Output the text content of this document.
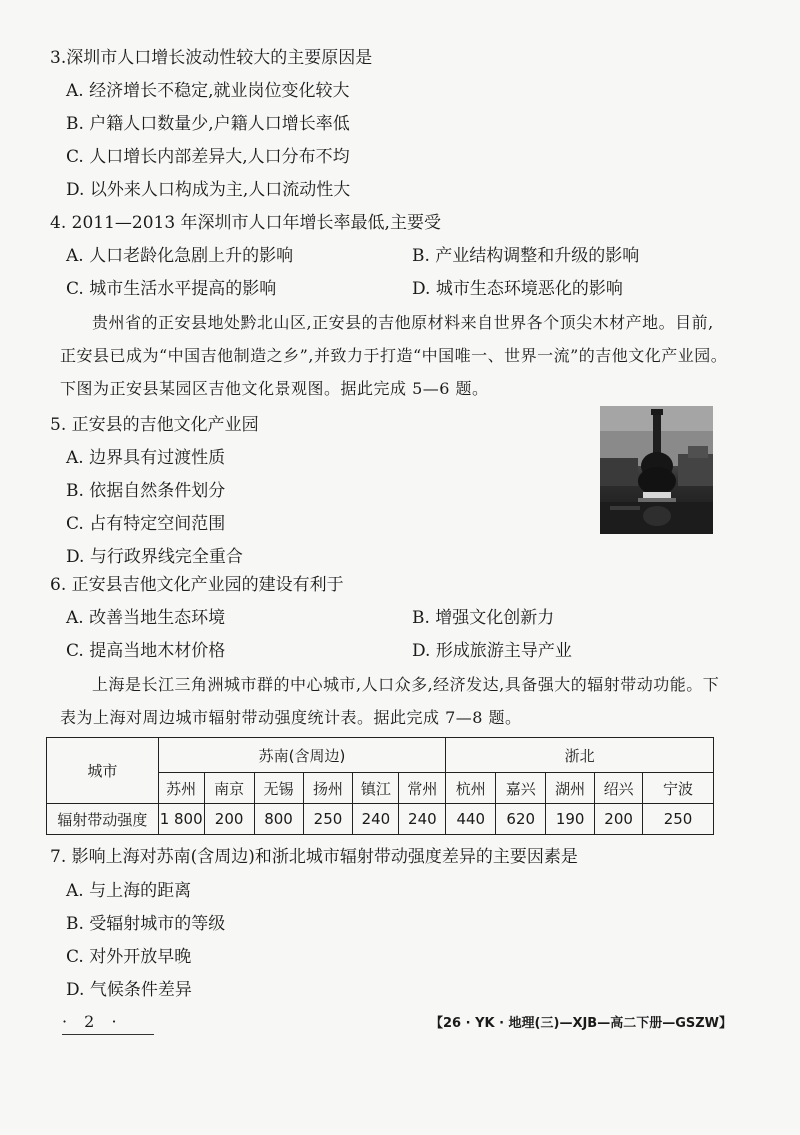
3.深圳市人口增长波动性较大的主要原因是
A. 经济增长不稳定,就业岗位变化较大
B. 户籍人口数量少,户籍人口增长率低
C. 人口增长内部差异大,人口分布不均
D. 以外来人口构成为主,人口流动性大
4. 2011—2013 年深圳市人口年增长率最低,主要受
A. 人口老龄化急剧上升的影响	B. 产业结构调整和升级的影响
C. 城市生活水平提高的影响	D. 城市生态环境恶化的影响

贵州省的正安县地处黔北山区,正安县的吉他原材料来自世界各个顶尖木材产地。目前,正安县已成为“中国吉他制造之乡”,并致力于打造“中国唯一、世界一流”的吉他文化产业园。下图为正安县某园区吉他文化景观图。据此完成 5—6 题。

5. 正安县的吉他文化产业园
A. 边界具有过渡性质
B. 依据自然条件划分
C. 占有特定空间范围
D. 与行政界线完全重合
6. 正安县吉他文化产业园的建设有利于
A. 改善当地生态环境	B. 增强文化创新力
C. 提高当地木材价格	D. 形成旅游主导产业

上海是长江三角洲城市群的中心城市,人口众多,经济发达,具备强大的辐射带动功能。下表为上海对周边城市辐射带动强度统计表。据此完成 7—8 题。

城市	苏南(含周边)						浙北				
	苏州	南京	无锡	扬州	镇江	常州	杭州	嘉兴	湖州	绍兴	宁波
辐射带动强度	1 800	200	800	250	240	240	440	620	190	200	250
7. 影响上海对苏南(含周边)和浙北城市辐射带动强度差异的主要因素是
A. 与上海的距离
B. 受辐射城市的等级
C. 对外开放早晚
D. 气候条件差异
· 2 ·	【26 · YK · 地理(三)—XJB—高二下册—GSZW】
